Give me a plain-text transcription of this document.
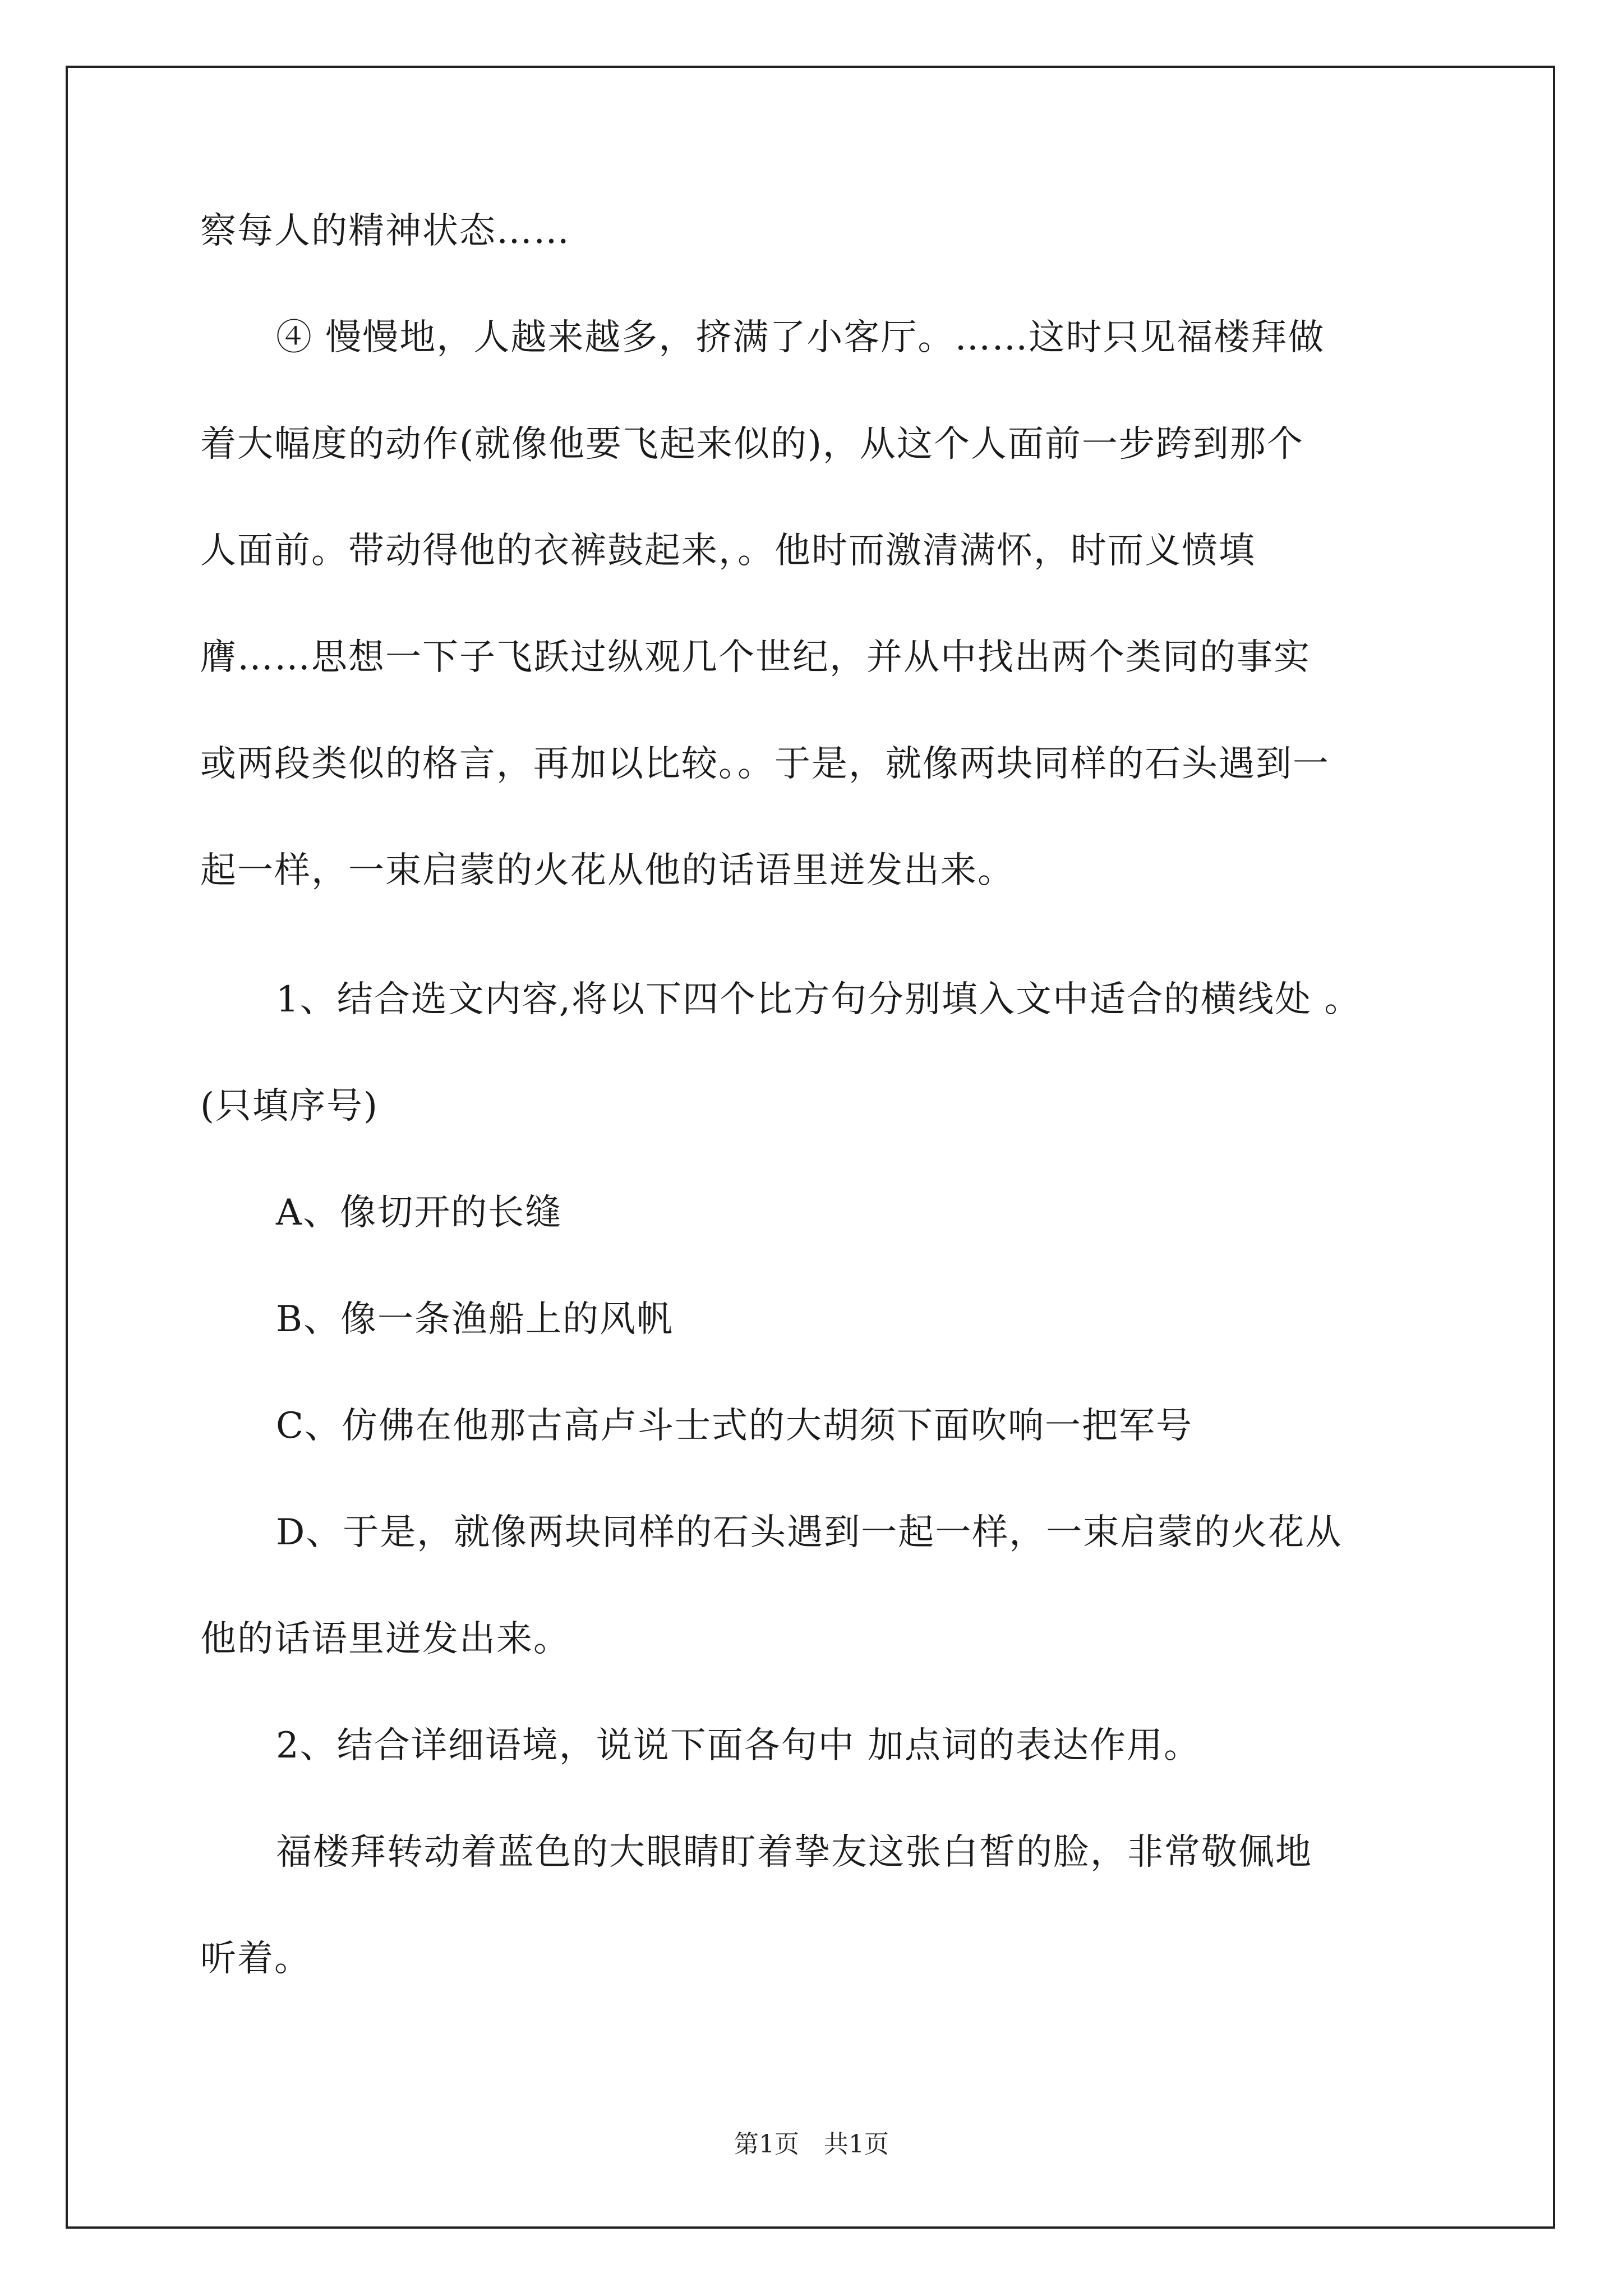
察每人的精神状态……
④ 慢慢地，人越来越多，挤满了小客厅。……这时只见福楼拜做
着大幅度的动作(就像他要飞起来似的)，从这个人面前一步跨到那个
人面前。带动得他的衣裤鼓起来，。他时而激清满怀，时而义愤填
膺……思想一下子飞跃过纵观几个世纪，并从中找出两个类同的事实
或两段类似的格言，再加以比较。。于是，就像两块同样的石头遇到一
起一样，一束启蒙的火花从他的话语里迸发出来。
1、结合选文内容,将以下四个比方句分别填入文中适合的横线处 。
(只填序号)
A、像切开的长缝
B、像一条渔船上的风帆
C、仿佛在他那古高卢斗士式的大胡须下面吹响一把军号
D、于是，就像两块同样的石头遇到一起一样，一束启蒙的火花从
他的话语里迸发出来。
2、结合详细语境，说说下面各句中 加点词的表达作用。
福楼拜转动着蓝色的大眼睛盯着挚友这张白皙的脸，非常敬佩地
听着。
第1页　共1页
